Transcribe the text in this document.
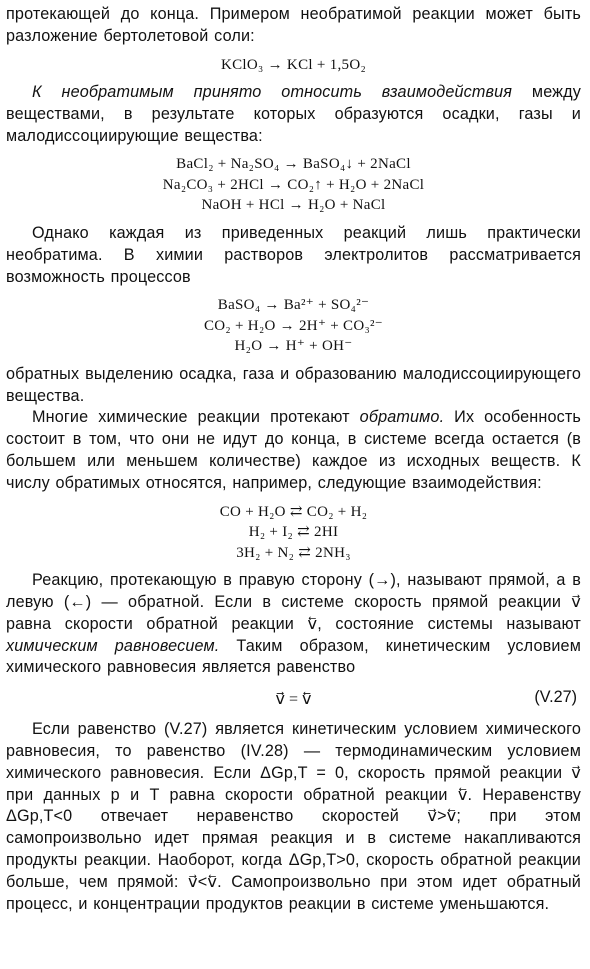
протекающей до конца. Примером необратимой реакции может быть разложение бертолетовой соли:

KClO₃ → KCl + 1,5O₂

К необратимым принято относить взаимодействия между веществами, в результате которых образуются осадки, газы и малодиссоциирующие вещества:

BaCl₂ + Na₂SO₄ → BaSO₄↓ + 2NaCl
Na₂CO₃ + 2HCl → CO₂↑ + H₂O + 2NaCl
NaOH + HCl → H₂O + NaCl

Однако каждая из приведенных реакций лишь практически необратима. В химии растворов электролитов рассматривается возможность процессов

BaSO₄ → Ba²⁺ + SO₄²⁻
CO₂ + H₂O → 2H⁺ + CO₃²⁻
H₂O → H⁺ + OH⁻

обратных выделению осадка, газа и образованию малодиссоциирующего вещества.

Многие химические реакции протекают обратимо. Их особенность состоит в том, что они не идут до конца, в системе всегда остается (в большем или меньшем количестве) каждое из исходных веществ. К числу обратимых относятся, например, следующие взаимодействия:

CO + H₂O ⇄ CO₂ + H₂
H₂ + I₂ ⇄ 2HI
3H₂ + N₂ ⇄ 2NH₃

Реакцию, протекающую в правую сторону (→), называют прямой, а в левую (←) — обратной. Если в системе скорость прямой реакции v⃗ равна скорости обратной реакции v⃖, состояние системы называют химическим равновесием. Таким образом, кинетическим условием химического равновесия является равенство

v⃗ = v⃖	(V.27)

Если равенство (V.27) является кинетическим условием химического равновесия, то равенство (IV.28) — термодинамическим условием химического равновесия. Если ΔGp,T = 0, скорость прямой реакции v⃗ при данных p и T равна скорости обратной реакции v⃖. Неравенству ΔGp,T<0 отвечает неравенство скоростей v⃗>v⃖; при этом самопроизвольно идет прямая реакция и в системе накапливаются продукты реакции. Наоборот, когда ΔGp,T>0, скорость обратной реакции больше, чем прямой: v⃗<v⃖. Самопроизвольно при этом идет обратный процесс, и концентрации продуктов реакции в системе уменьшаются.
